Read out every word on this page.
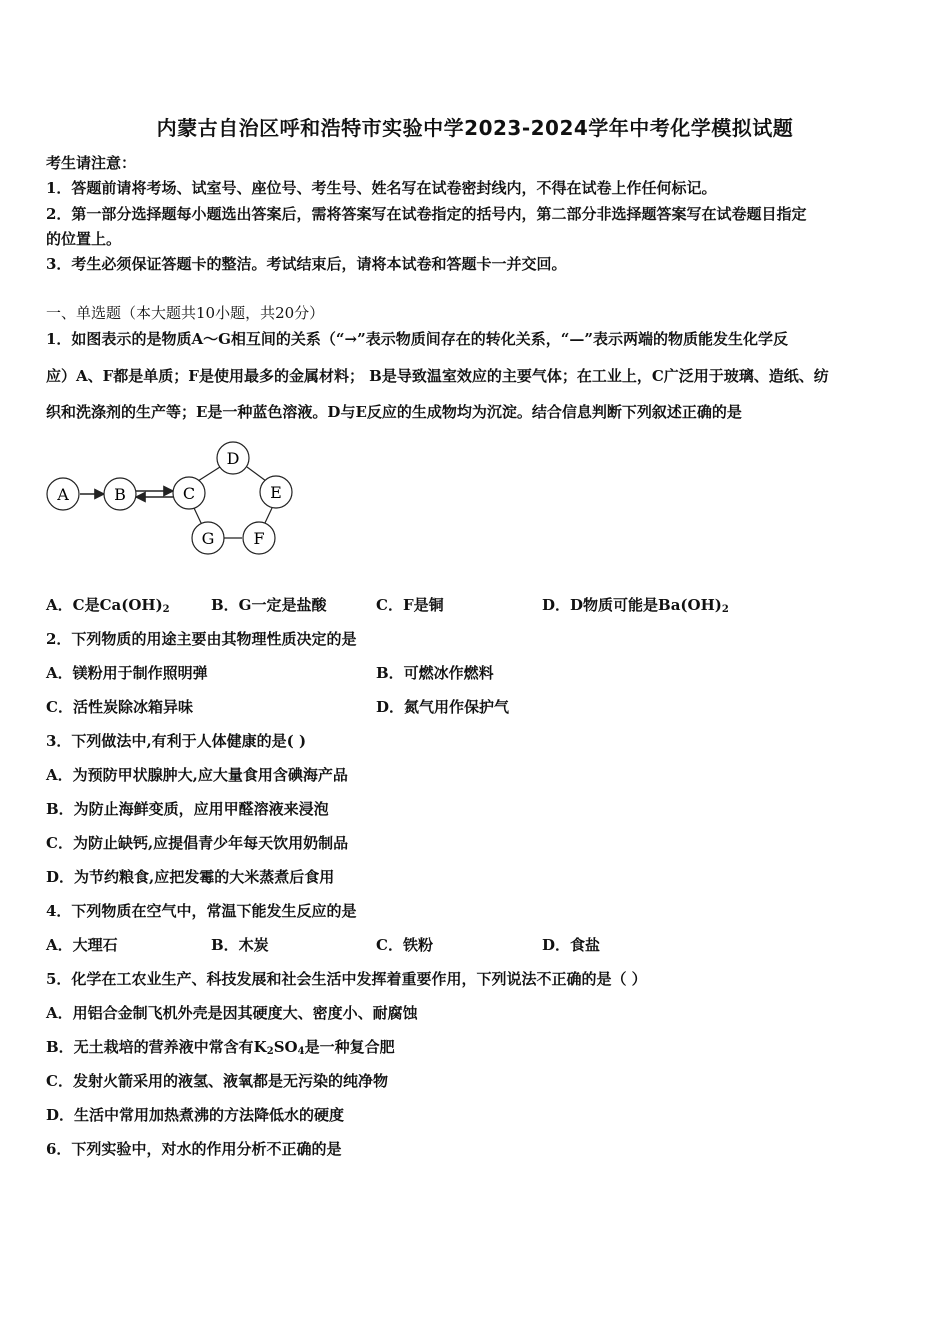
内蒙古自治区呼和浩特市实验中学2023-2024学年中考化学模拟试题
考生请注意：
1．答题前请将考场、试室号、座位号、考生号、姓名写在试卷密封线内，不得在试卷上作任何标记。
2．第一部分选择题每小题选出答案后，需将答案写在试卷指定的括号内，第二部分非选择题答案写在试卷题目指定
的位置上。
3．考生必须保证答题卡的整洁。考试结束后，请将本试卷和答题卡一并交回。
一、单选题（本大题共10小题，共20分）
1．如图表示的是物质A～G相互间的关系（“→”表示物质间存在的转化关系，“—”表示两端的物质能发生化学反
应）A、F都是单质；F是使用最多的金属材料； B是导致温室效应的主要气体；在工业上，C广泛用于玻璃、造纸、纺
织和洗涤剂的生产等；E是一种蓝色溶液。D与E反应的生成物均为沉淀。结合信息判断下列叙述正确的是
A	B	C
D
E
F
G
A．C是$Ca(OH)_2$	B．G一定是盐酸	C．F是铜	D．D物质可能是$Ba(OH)_2$
2．下列物质的用途主要由其物理性质决定的是
A．镁粉用于制作照明弹	B．可燃冰作燃料
C．活性炭除冰箱异味	D．氮气用作保护气
3．下列做法中,有利于人体健康的是( )
A．为预防甲状腺肿大,应大量食用含碘海产品
B．为防止海鲜变质，应用甲醛溶液来浸泡
C．为防止缺钙,应提倡青少年每天饮用奶制品
D．为节约粮食,应把发霉的大米蒸煮后食用
4．下列物质在空气中，常温下能发生反应的是
A．大理石	B．木炭	C．铁粉	D．食盐
5．化学在工农业生产、科技发展和社会生活中发挥着重要作用，下列说法不正确的是（ ）
A．用铝合金制飞机外壳是因其硬度大、密度小、耐腐蚀
B．无土栽培的营养液中常含有$K_2SO_4$是一种复合肥
C．发射火箭采用的液氢、液氧都是无污染的纯净物
D．生活中常用加热煮沸的方法降低水的硬度
6．下列实验中，对水的作用分析不正确的是
